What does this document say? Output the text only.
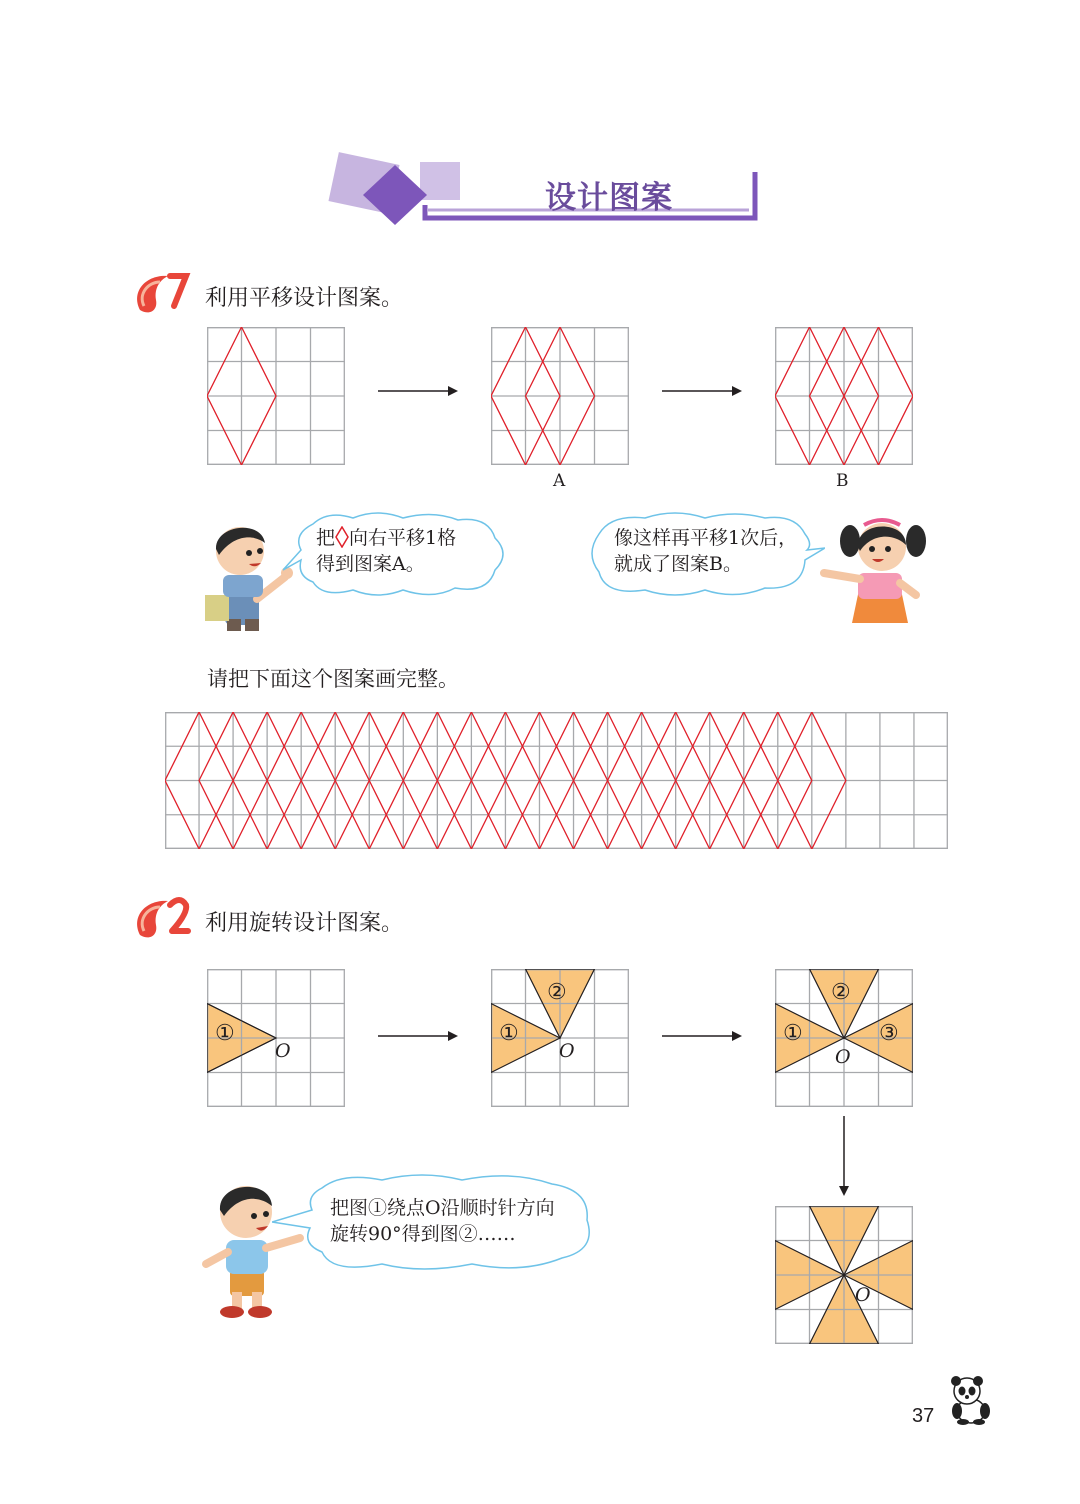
设计图案
利用平移设计图案。
A	B
把 向右平移1格
得到图案A。
像这样再平移1次后，
就成了图案B。
请把下面这个图案画完整。
利用旋转设计图案。
①
O
①
②
O
①
②
③
O
O
把图①绕点O沿顺时针方向
旋转90°得到图②……
37
